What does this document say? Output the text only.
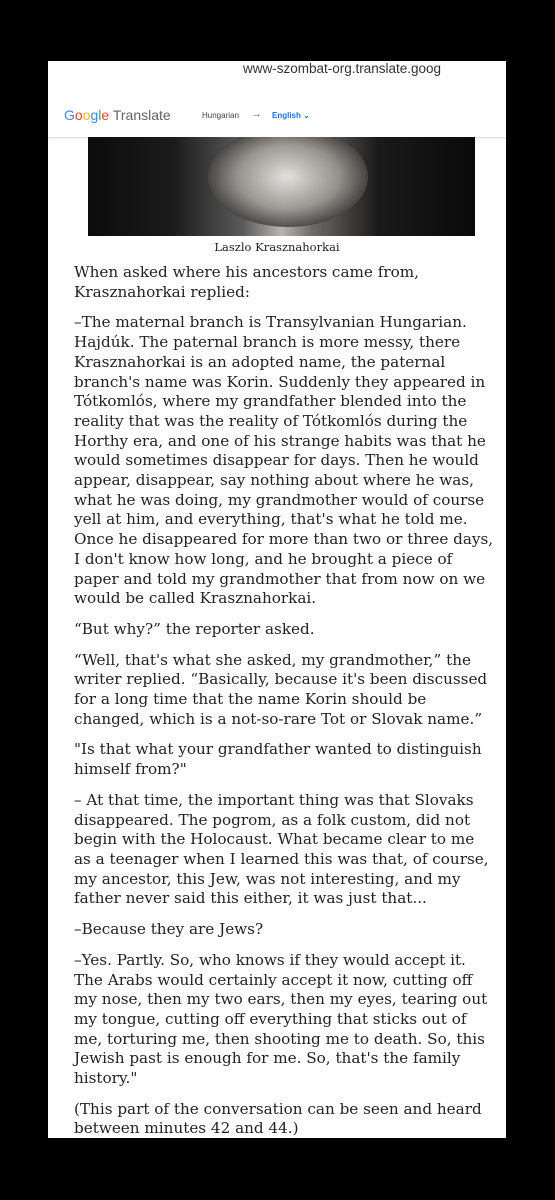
www-szombat-org.translate.goog
Google Translate	Hungarian → English ⌄
Laszlo Krasznahorkai

When asked where his ancestors came from, Krasznahorkai replied:

–The maternal branch is Transylvanian Hungarian. Hajdúk. The paternal branch is more messy, there Krasznahorkai is an adopted name, the paternal branch's name was Korin. Suddenly they appeared in Tótkomlós, where my grandfather blended into the reality that was the reality of Tótkomlós during the Horthy era, and one of his strange habits was that he would sometimes disappear for days. Then he would appear, disappear, say nothing about where he was, what he was doing, my grandmother would of course yell at him, and everything, that's what he told me. Once he disappeared for more than two or three days, I don't know how long, and he brought a piece of paper and told my grandmother that from now on we would be called Krasznahorkai.

“But why?” the reporter asked.

“Well, that's what she asked, my grandmother,” the writer replied. “Basically, because it's been discussed for a long time that the name Korin should be changed, which is a not-so-rare Tot or Slovak name.”

"Is that what your grandfather wanted to distinguish himself from?"

– At that time, the important thing was that Slovaks disappeared. The pogrom, as a folk custom, did not begin with the Holocaust. What became clear to me as a teenager when I learned this was that, of course, my ancestor, this Jew, was not interesting, and my father never said this either, it was just that...

–Because they are Jews?

–Yes. Partly. So, who knows if they would accept it. The Arabs would certainly accept it now, cutting off my nose, then my two ears, then my eyes, tearing out my tongue, cutting off everything that sticks out of me, torturing me, then shooting me to death. So, this Jewish past is enough for me. So, that's the family history."

(This part of the conversation can be seen and heard between minutes 42 and 44.)
